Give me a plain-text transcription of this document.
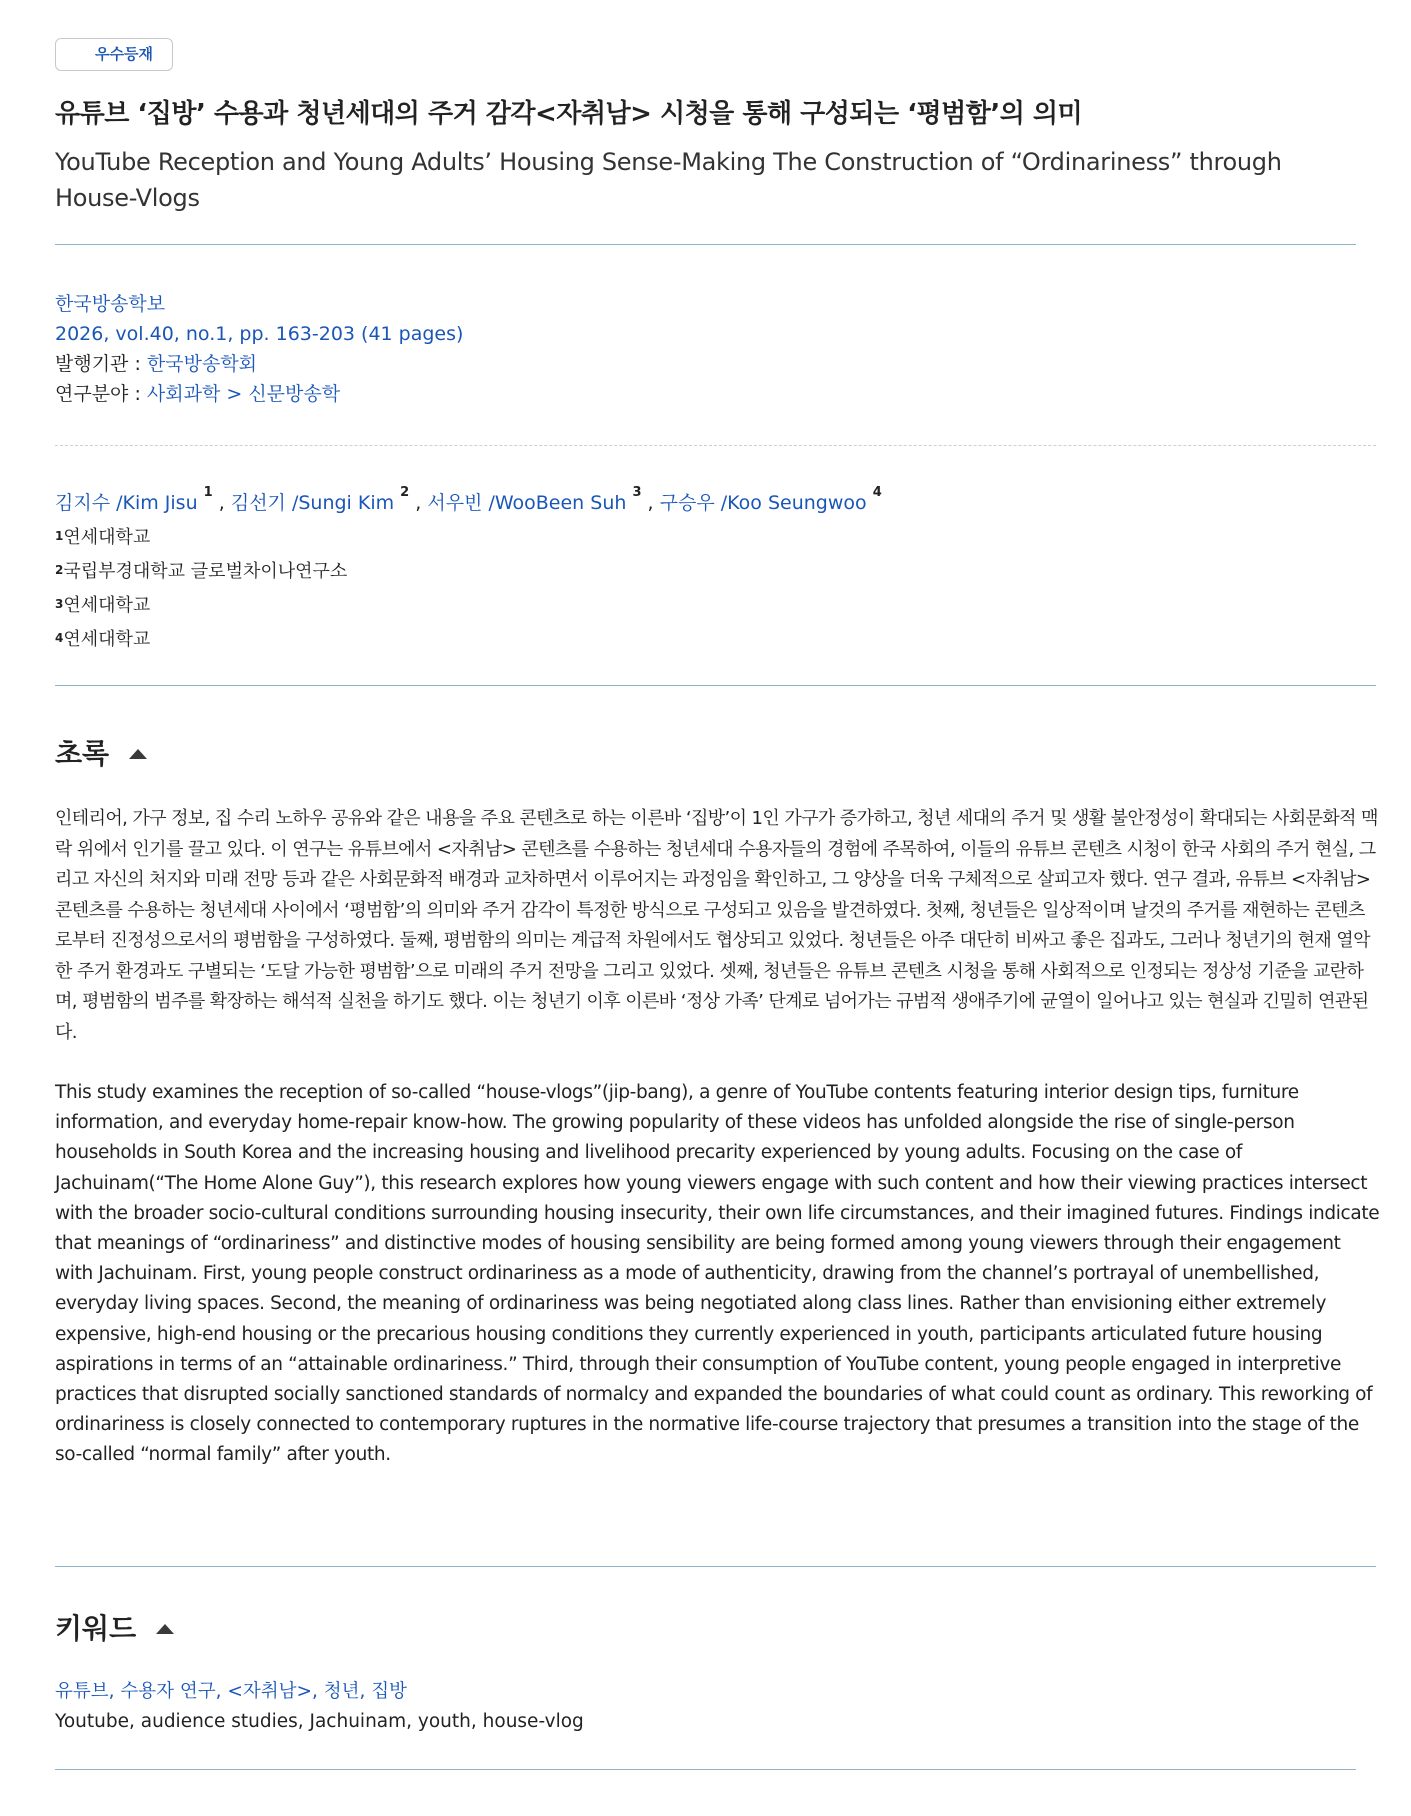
우수등재
유튜브 ‘집방’ 수용과 청년세대의 주거 감각<자취남> 시청을 통해 구성되는 ‘평범함’의 의미
YouTube Reception and Young Adults’ Housing Sense-Making The Construction of “Ordinariness” through House-Vlogs
한국방송학보
2026, vol.40, no.1, pp. 163-203 (41 pages)
발행기관 : 한국방송학회
연구분야 : 사회과학 > 신문방송학
김지수 /Kim Jisu $^1$ , 김선기 /Sungi Kim $^2$ , 서우빈 /WooBeen Suh $^3$ , 구승우 /Koo Seungwoo $^4$
$^1$연세대학교
$^2$국립부경대학교 글로벌차이나연구소
$^3$연세대학교
$^4$연세대학교
초록

인테리어, 가구 정보, 집 수리 노하우 공유와 같은 내용을 주요 콘텐츠로 하는 이른바 ‘집방’이 1인 가구가 증가하고, 청년 세대의 주거 및 생활 불안정성이 확대되는 사회문화적 맥락 위에서 인기를 끌고 있다. 이 연구는 유튜브에서 <자취남> 콘텐츠를 수용하는 청년세대 수용자들의 경험에 주목하여, 이들의 유튜브 콘텐츠 시청이 한국 사회의 주거 현실, 그리고 자신의 처지와 미래 전망 등과 같은 사회문화적 배경과 교차하면서 이루어지는 과정임을 확인하고, 그 양상을 더욱 구체적으로 살피고자 했다. 연구 결과, 유튜브 <자취남> 콘텐츠를 수용하는 청년세대 사이에서 ‘평범함’의 의미와 주거 감각이 특정한 방식으로 구성되고 있음을 발견하였다. 첫째, 청년들은 일상적이며 날것의 주거를 재현하는 콘텐츠로부터 진정성으로서의 평범함을 구성하였다. 둘째, 평범함의 의미는 계급적 차원에서도 협상되고 있었다. 청년들은 아주 대단히 비싸고 좋은 집과도, 그러나 청년기의 현재 열악한 주거 환경과도 구별되는 ‘도달 가능한 평범함’으로 미래의 주거 전망을 그리고 있었다. 셋째, 청년들은 유튜브 콘텐츠 시청을 통해 사회적으로 인정되는 정상성 기준을 교란하며, 평범함의 범주를 확장하는 해석적 실천을 하기도 했다. 이는 청년기 이후 이른바 ‘정상 가족’ 단계로 넘어가는 규범적 생애주기에 균열이 일어나고 있는 현실과 긴밀히 연관된다.

This study examines the reception of so-called “house-vlogs”(jip-bang), a genre of YouTube contents featuring interior design tips, furniture information, and everyday home-repair know-how. The growing popularity of these videos has unfolded alongside the rise of single-person households in South Korea and the increasing housing and livelihood precarity experienced by young adults. Focusing on the case of Jachuinam(“The Home Alone Guy”), this research explores how young viewers engage with such content and how their viewing practices intersect with the broader socio-cultural conditions surrounding housing insecurity, their own life circumstances, and their imagined futures. Findings indicate that meanings of “ordinariness” and distinctive modes of housing sensibility are being formed among young viewers through their engagement with Jachuinam. First, young people construct ordinariness as a mode of authenticity, drawing from the channel’s portrayal of unembellished, everyday living spaces. Second, the meaning of ordinariness was being negotiated along class lines. Rather than envisioning either extremely expensive, high-end housing or the precarious housing conditions they currently experienced in youth, participants articulated future housing aspirations in terms of an “attainable ordinariness.” Third, through their consumption of YouTube content, young people engaged in interpretive practices that disrupted socially sanctioned standards of normalcy and expanded the boundaries of what could count as ordinary. This reworking of ordinariness is closely connected to contemporary ruptures in the normative life-course trajectory that presumes a transition into the stage of the so-called “normal family” after youth.

키워드
유튜브, 수용자 연구, <자취남>, 청년, 집방
Youtube, audience studies, Jachuinam, youth, house-vlog
